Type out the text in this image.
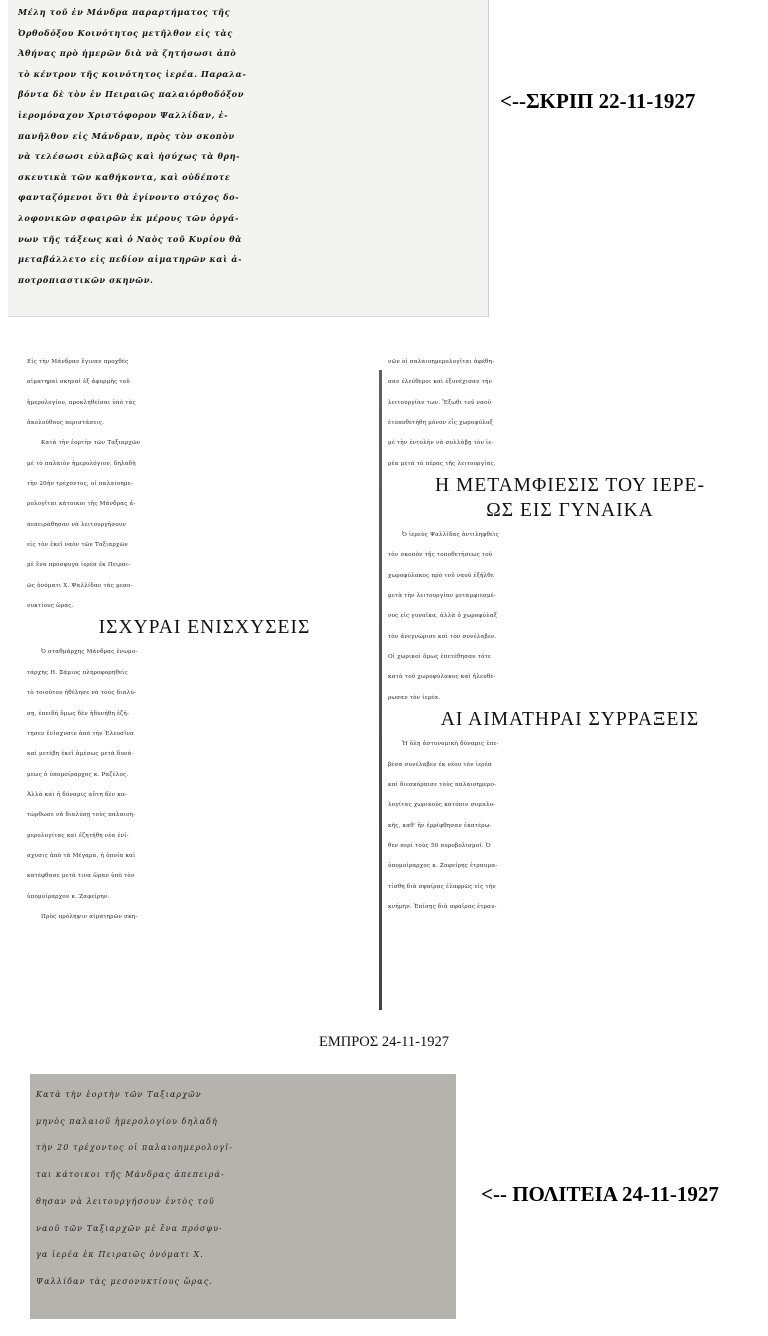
Μέλη τοῦ ἐν Μάνδρα παραρτήματος τῆς

Ὀρθοδόξου Κοινότητος μετῆλθον εἰς τὰς

Ἀθήνας πρὸ ἡμερῶν διὰ νὰ ζητήσωσι ἀπὸ

τὸ κέντρον τῆς κοινότητος ἱερέα. Παραλα-

βόντα δὲ τὸν ἐν Πειραιῶς παλαιόρθοδόξον

ἱερομόναχον Χριστόφορον Ψαλλίδαν, ἐ-

πανῆλθον εἰς Μάνδραν, πρὸς τὸν σκοπὸν

νὰ τελέσωσι εὐλαβῶς καὶ ἡσύχως τὰ θρη-

σκευτικὰ τῶν καθήκοντα, καὶ οὐδέποτε

φανταζόμενοι ὅτι θὰ ἐγίνοντο στόχος δο-

λοφονικῶν σφαιρῶν ἐκ μέρους τῶν ὀργά-

νων τῆς τάξεως καὶ ὁ Ναὸς τοῦ Κυρίου θὰ

μεταβάλλετο εἰς πεδίον αἱματηρῶν καὶ ἀ-

ποτροπιαστικῶν σκηνῶν.

<--ΣΚΡΙΠ 22-11-1927

Εἰς τὴν Μάνδραν ἔγιναν προχθὲς

αἱματηραὶ σκηναὶ ἐξ ἀφορμῆς τοῦ

ἡμερολογίου, προκληθεῖσαι ὑπὸ τὰς

ἀκολούθους περιστάσεις.

Κατὰ τὴν ἑορτὴν τῶν Ταξιαρχῶν

μὲ τὸ παλαιὸν ἡμερολόγιον, δηλαδὴ

τὴν 20ὴν τρέχοντος, οἱ παλαιοημε-

ρολογῖται κάτοικοι τῆς Μάνδρας ἀ-

πεπειράθησαν νὰ λειτουργήσουν

εἰς τὸν ἐκεῖ ναὸν τῶν Ταξιαρχῶν

μὲ ἕνα πρόσφυγα ἱερέα ἐκ Πειραι-

ῶς ὀνόματι Χ. Ψαλλίδαν τὰς μεσο-

νυκτίους ὥρας.

ΙΣΧΥΡΑΙ ΕΝΙΣΧΥΣΕΙΣ

Ὁ σταθμάρχης Μάνδρας ἐνωμο-

τάρχης Η. Σάμιος πληροφορηθεὶς

τὸ τοιοῦτον ἠθέλησε νὰ τοὺς διαλύ-

σῃ, ἐπειδὴ ὅμως δὲν ἠδυνήθη ἐζή-

τησεν ἐνίσχυσιν ἀπὸ τὴν Ἐλευσῖνα

καὶ μετέβη ἐκεῖ ἀμέσως μετὰ δυνά-

μεως ὁ ὑπομοίραρχος κ. Ραζέλος.

Ἀλλὰ καὶ ἡ δύναμις αὕτη δὲν κα-

τώρθωσε νὰ διαλύσῃ τοὺς παλαιοη-

μερολογίτας καὶ ἐζητήθη νέα ἐνί-

σχυσις ἀπὸ τὰ Μέγαρα, ἡ ὁποία καὶ

κατέφθασε μετὰ τινα ὥραν ὑπὸ τὸν

ὑπομοίραρχον κ. Ζαφείρην.

Πρὸς πρόληψιν αἱματηρῶν σκη-

νῶν οἱ παλαιοημερολογῖται ἀφέθη-

σαν ἐλεύθεροι καὶ ἐξυνέχισαν τὴν

λειτουργίαν των. Ἔξωθι τοῦ ναοῦ

ἐτοποθετήθη μόνον εἷς χωροφύλαξ

μὲ τὴν ἐντολὴν νὰ συλλάβῃ τὸν ἱε-

ρέα μετὰ τὸ πέρας τῆς λειτουργίας.

Η ΜΕΤΑΜΦΙΕΣΙΣ ΤΟΥ ΙΕΡΕ-

ΩΣ ΕΙΣ ΓΥΝΑΙΚΑ

Ὁ ἱερεὺς Ψαλλίδας ἀντιληφθεὶς

τὸν σκοπὸν τῆς τοποθετήσεως τοῦ

χωροφύλακος πρὸ τοῦ ναοῦ ἐξῆλθε

μετὰ τὴν λειτουργίαν μεταμφιεσμέ-

νος εἰς γυναῖκα, ἀλλὰ ὁ χωροφύλαξ

τὸν ἀνεγνώρισε καὶ τὸν συνέλαβεν.

Οἱ χωρικοὶ ὅμως ἐπετέθησαν τότε

κατὰ τοῦ χωροφύλακος καὶ ἠλευθέ-

ρωσαν τὸν ἱερέα.

ΑΙ ΑΙΜΑΤΗΡΑΙ ΣΥΡΡΑΞΕΙΣ

Ἡ ὅλη ἀστυνομικὴ δύναμις ἐπε-

βέσα συνέλαβεν ἐκ νέου τὸν ἱερέα

καὶ διεσκόρπισε τοὺς παλαιοημερο-

λογίτας χωρικοὺς κατόπιν συμπλο-

κῆς, καθ' ἣν ἐρρίφθησαν ἑκατέρω-

θεν περὶ τοὺς 50 πυροβολισμοί. Ὁ

ὑπομοίραρχος κ. Ζαφείρης ἐτραυμα-

τίσθη διὰ σφαίρας ἐλαφρῶς εἰς τὴν

κνήμην. Ἐπίσης διὰ σφαίρας ἐτραυ-

ΕΜΠΡΟΣ 24-11-1927

Κατὰ τὴν ἑορτὴν τῶν Ταξιαρχῶν

μηνὸς παλαιοῦ ἡμερολογίου δηλαδὴ

τὴν 20 τρέχοντος οἱ παλαιοημερολογῖ-

ται κάτοικοι τῆς Μάνδρας ἀπεπειρά-

θησαν νὰ λειτουργήσουν ἐντὸς τοῦ

ναοῦ τῶν Ταξιαρχῶν μὲ ἕνα πρόσφυ-

γα ἱερέα ἐκ Πειραιῶς ὀνόματι Χ.

Ψαλλίδαν τὰς μεσονυκτίους ὥρας.

<-- ΠΟΛΙΤΕΙΑ 24-11-1927
